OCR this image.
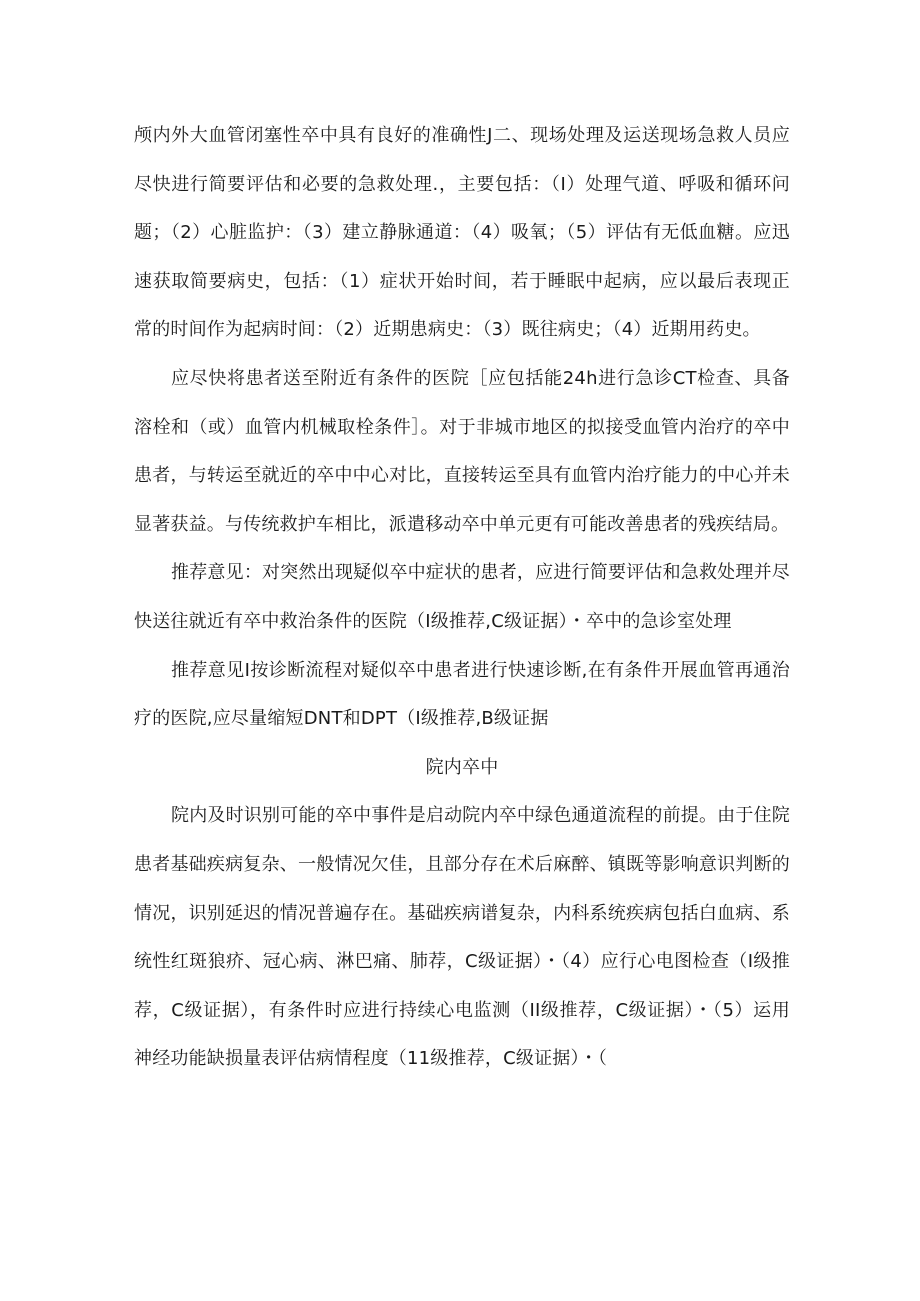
颅内外大血管闭塞性卒中具有良好的准确性J二、现场处理及运送现场急救人员应尽快进行简要评估和必要的急救处理.，主要包括：（I）处理气道、呼吸和循环问题；（2）心脏监护：（3）建立静脉通道：（4）吸氧；（5）评估有无低血糖。应迅速获取简要病史，包括：（1）症状开始时间，若于睡眠中起病，应以最后表现正常的时间作为起病时间：（2）近期患病史：（3）既往病史；（4）近期用药史。

应尽快将患者送至附近有条件的医院［应包括能24h进行急诊CT检查、具备溶栓和（或）血管内机械取栓条件］。对于非城市地区的拟接受血管内治疗的卒中患者，与转运至就近的卒中中心对比，直接转运至具有血管内治疗能力的中心并未显著获益。与传统救护车相比，派遣移动卒中单元更有可能改善患者的残疾结局。

推荐意见：对突然出现疑似卒中症状的患者，应进行简要评估和急救处理并尽快送往就近有卒中救治条件的医院（I级推荐,C级证据）・卒中的急诊室处理

推荐意见I按诊断流程对疑似卒中患者进行快速诊断,在有条件开展血管再通治疗的医院,应尽量缩短DNT和DPT（I级推荐,B级证据

院内卒中

院内及时识别可能的卒中事件是启动院内卒中绿色通道流程的前提。由于住院患者基础疾病复杂、一般情况欠佳，且部分存在术后麻醉、镇既等影响意识判断的情况，识别延迟的情况普遍存在。基础疾病谱复杂，内科系统疾病包括白血病、系统性红斑狼疥、冠心病、淋巴痛、肺荐，C级证据）・（4）应行心电图检查（I级推荐，C级证据），有条件时应进行持续心电监测（II级推荐，C级证据）・（5）运用神经功能缺损量表评估病情程度（11级推荐，C级证据）・（
